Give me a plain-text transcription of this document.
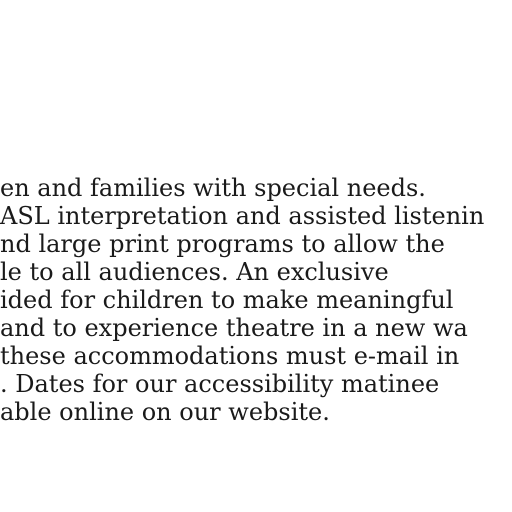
en and families with special needs.
ASL interpretation and assisted listenin
nd large print programs to allow the
le to all audiences. An exclusive
ided for children to make meaningful
and to experience theatre in a new wa
these accommodations must e-mail in
. Dates for our accessibility matinee
able online on our website.
